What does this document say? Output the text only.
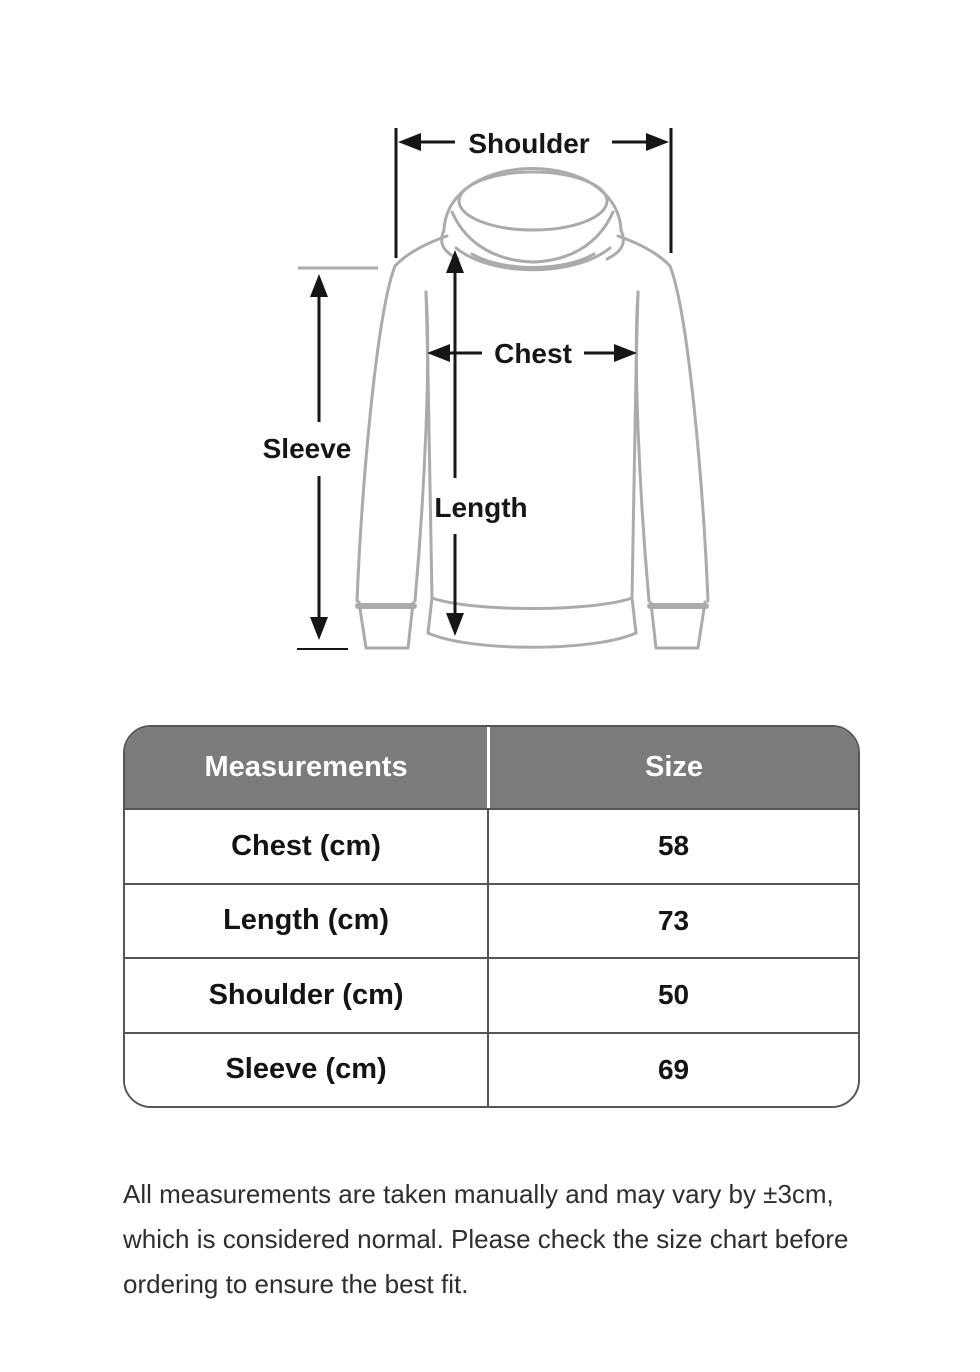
Shoulder
Chest
Length
Sleeve
Measurements	Size
Chest (cm)	58
Length (cm)	73
Shoulder (cm)	50
Sleeve (cm)	69
All measurements are taken manually and may vary by ±3cm,
which is considered normal. Please check the size chart before
ordering to ensure the best fit.
